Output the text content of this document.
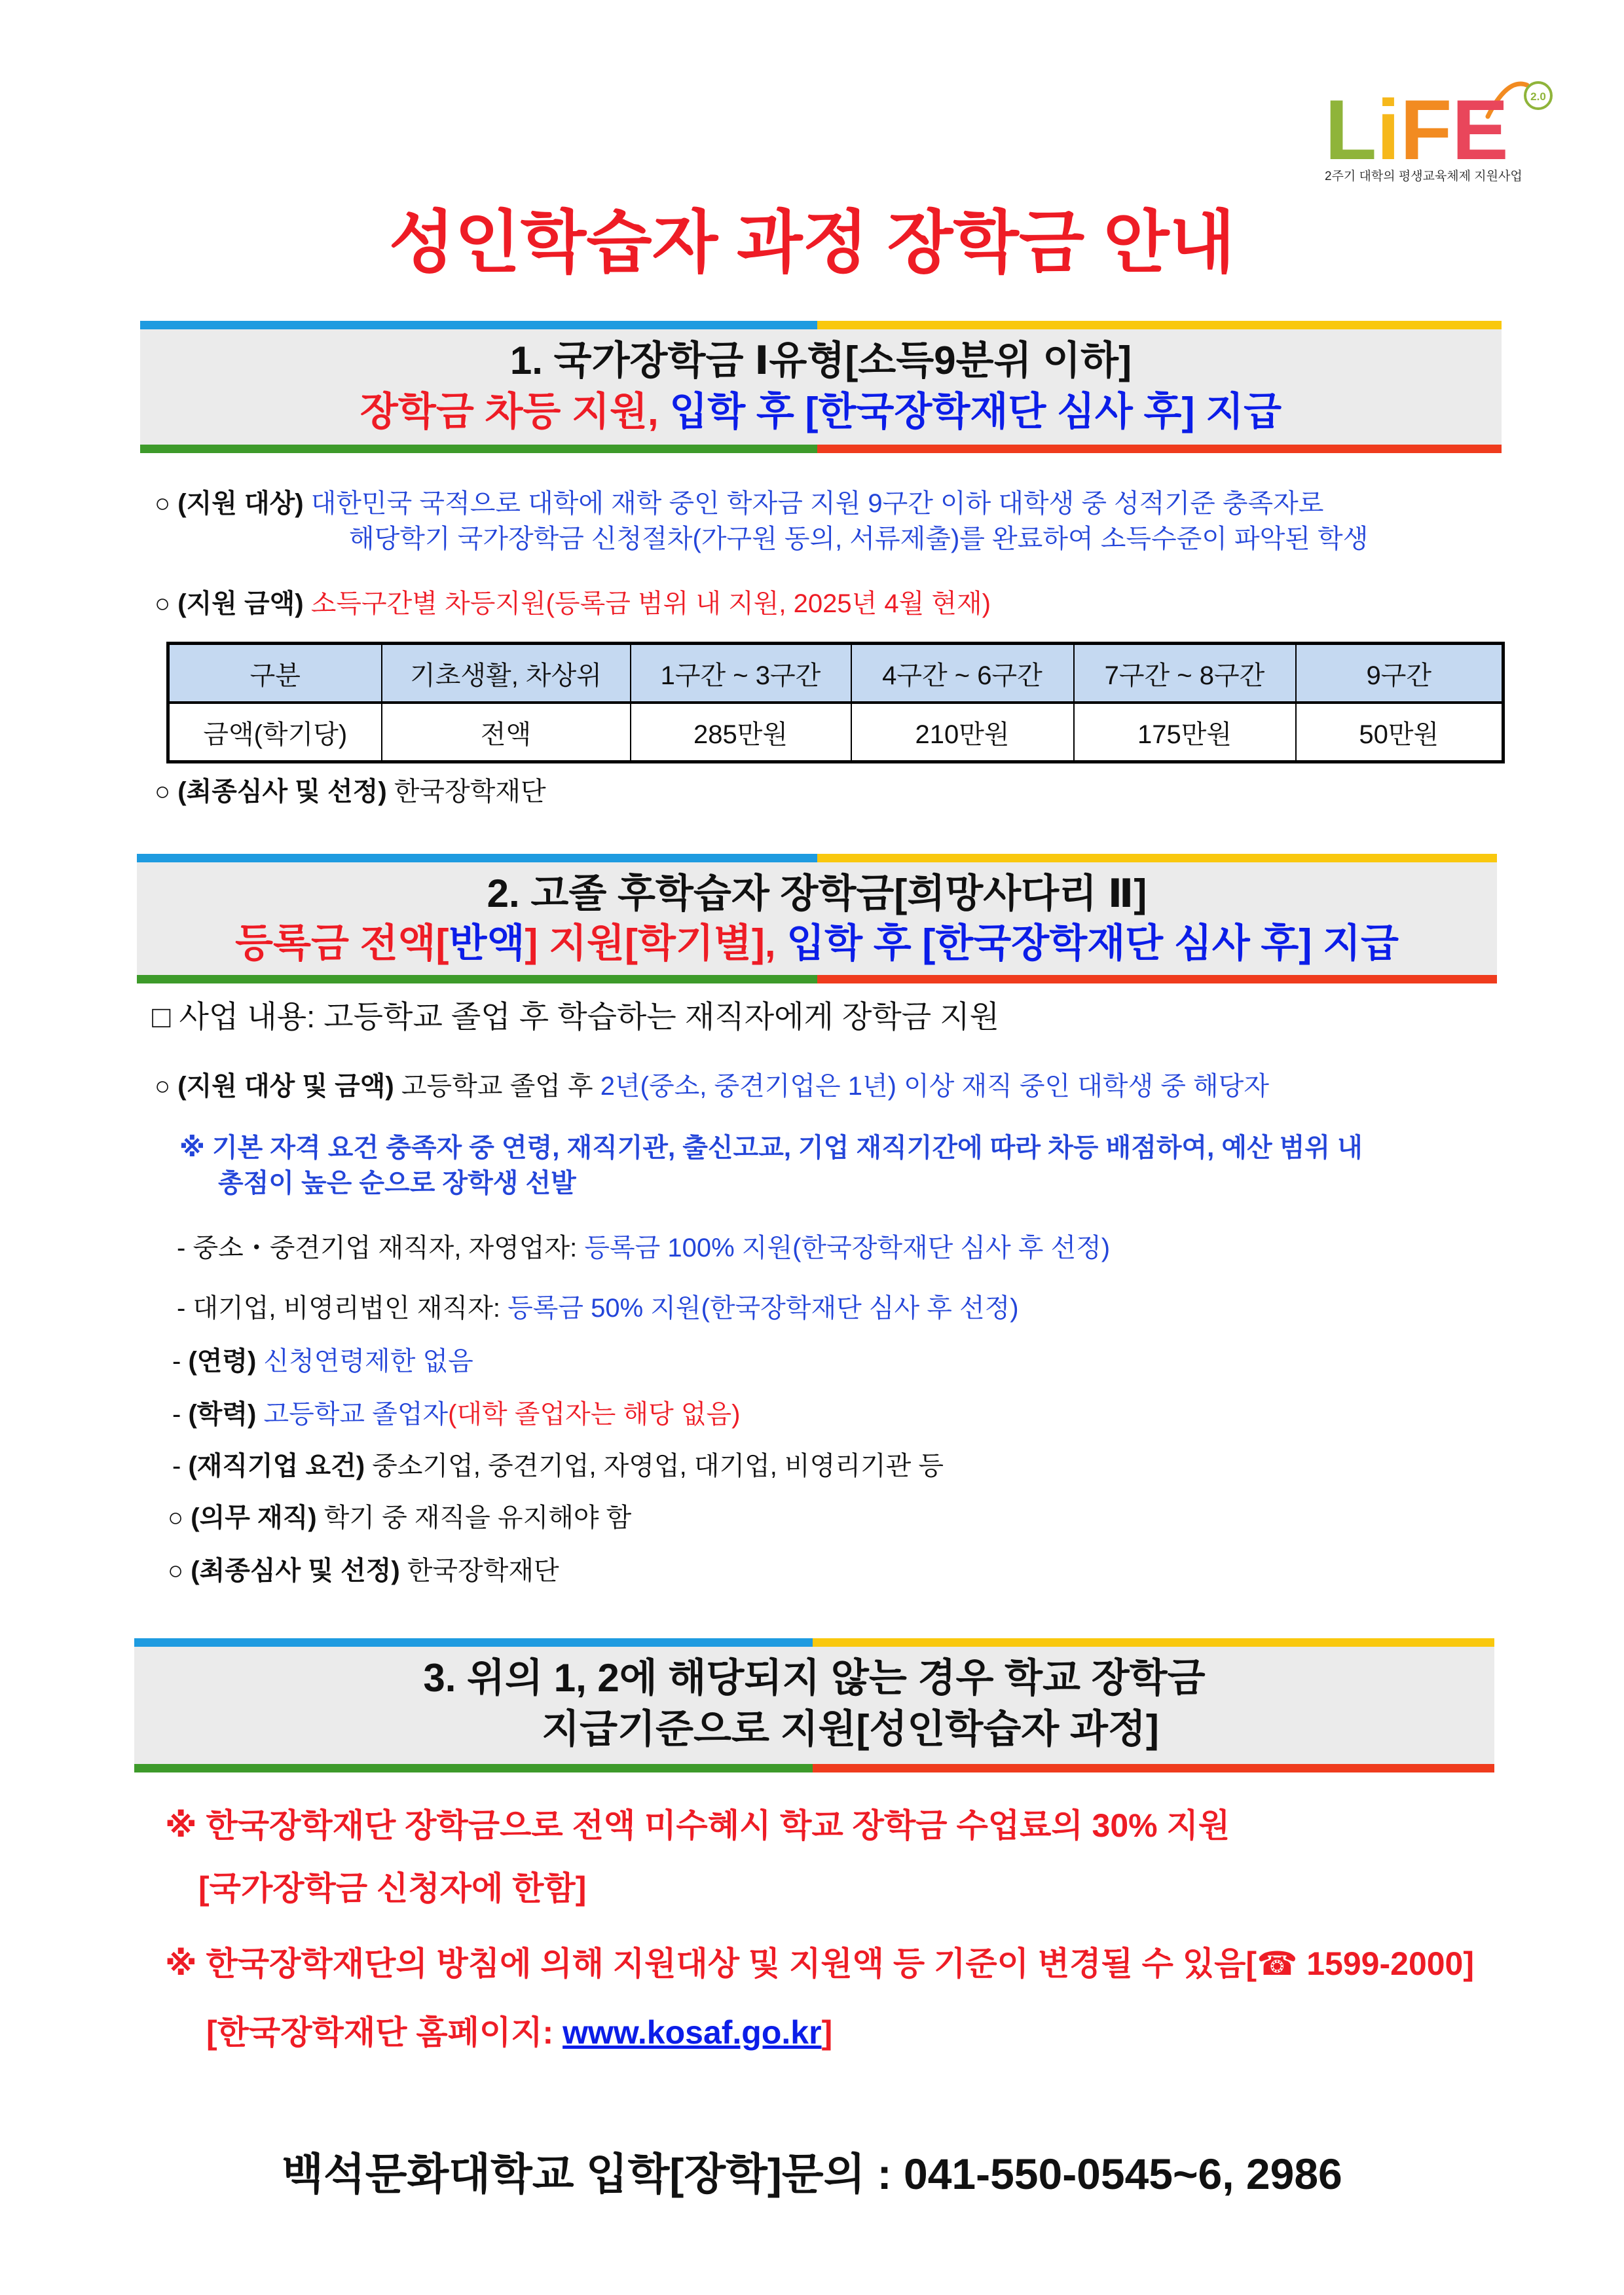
2.0
L i F E
2주기 대학의 평생교육체제 지원사업
성인학습자 과정 장학금 안내
1. 국가장학금 Ⅰ유형[소득9분위 이하]
장학금 차등 지원, 입학 후 [한국장학재단 심사 후] 지급
○ (지원 대상) 대한민국 국적으로 대학에 재학 중인 학자금 지원 9구간 이하 대학생 중 성적기준 충족자로
해당학기 국가장학금 신청절차(가구원 동의, 서류제출)를 완료하여 소득수준이 파악된 학생
○ (지원 금액) 소득구간별 차등지원(등록금 범위 내 지원, 2025년 4월 현재)
구분	기초생활, 차상위	1구간 ~ 3구간	4구간 ~ 6구간	7구간 ~ 8구간	9구간
금액(학기당)	전액	285만원	210만원	175만원	50만원
○ (최종심사 및 선정) 한국장학재단
2. 고졸 후학습자 장학금[희망사다리 Ⅱ]
등록금 전액[반액] 지원[학기별], 입학 후 [한국장학재단 심사 후] 지급
□ 사업 내용: 고등학교 졸업 후 학습하는 재직자에게 장학금 지원
○ (지원 대상 및 금액) 고등학교 졸업 후 2년(중소, 중견기업은 1년) 이상 재직 중인 대학생 중 해당자
※ 기본 자격 요건 충족자 중 연령, 재직기관, 출신고교, 기업 재직기간에 따라 차등 배점하여, 예산 범위 내
총점이 높은 순으로 장학생 선발
- 중소・중견기업 재직자, 자영업자: 등록금 100% 지원(한국장학재단 심사 후 선정)
- 대기업, 비영리법인 재직자: 등록금 50% 지원(한국장학재단 심사 후 선정)
- (연령) 신청연령제한 없음
- (학력) 고등학교 졸업자(대학 졸업자는 해당 없음)
- (재직기업 요건) 중소기업, 중견기업, 자영업, 대기업, 비영리기관 등
○ (의무 재직) 학기 중 재직을 유지해야 함
○ (최종심사 및 선정) 한국장학재단
3. 위의 1, 2에 해당되지 않는 경우 학교 장학금
지급기준으로 지원[성인학습자 과정]
※ 한국장학재단 장학금으로 전액 미수혜시 학교 장학금 수업료의 30% 지원
[국가장학금 신청자에 한함]
※ 한국장학재단의 방침에 의해 지원대상 및 지원액 등 기준이 변경될 수 있음[☎ 1599-2000]
[한국장학재단 홈페이지: www.kosaf.go.kr]
백석문화대학교 입학[장학]문의 : 041-550-0545~6, 2986
